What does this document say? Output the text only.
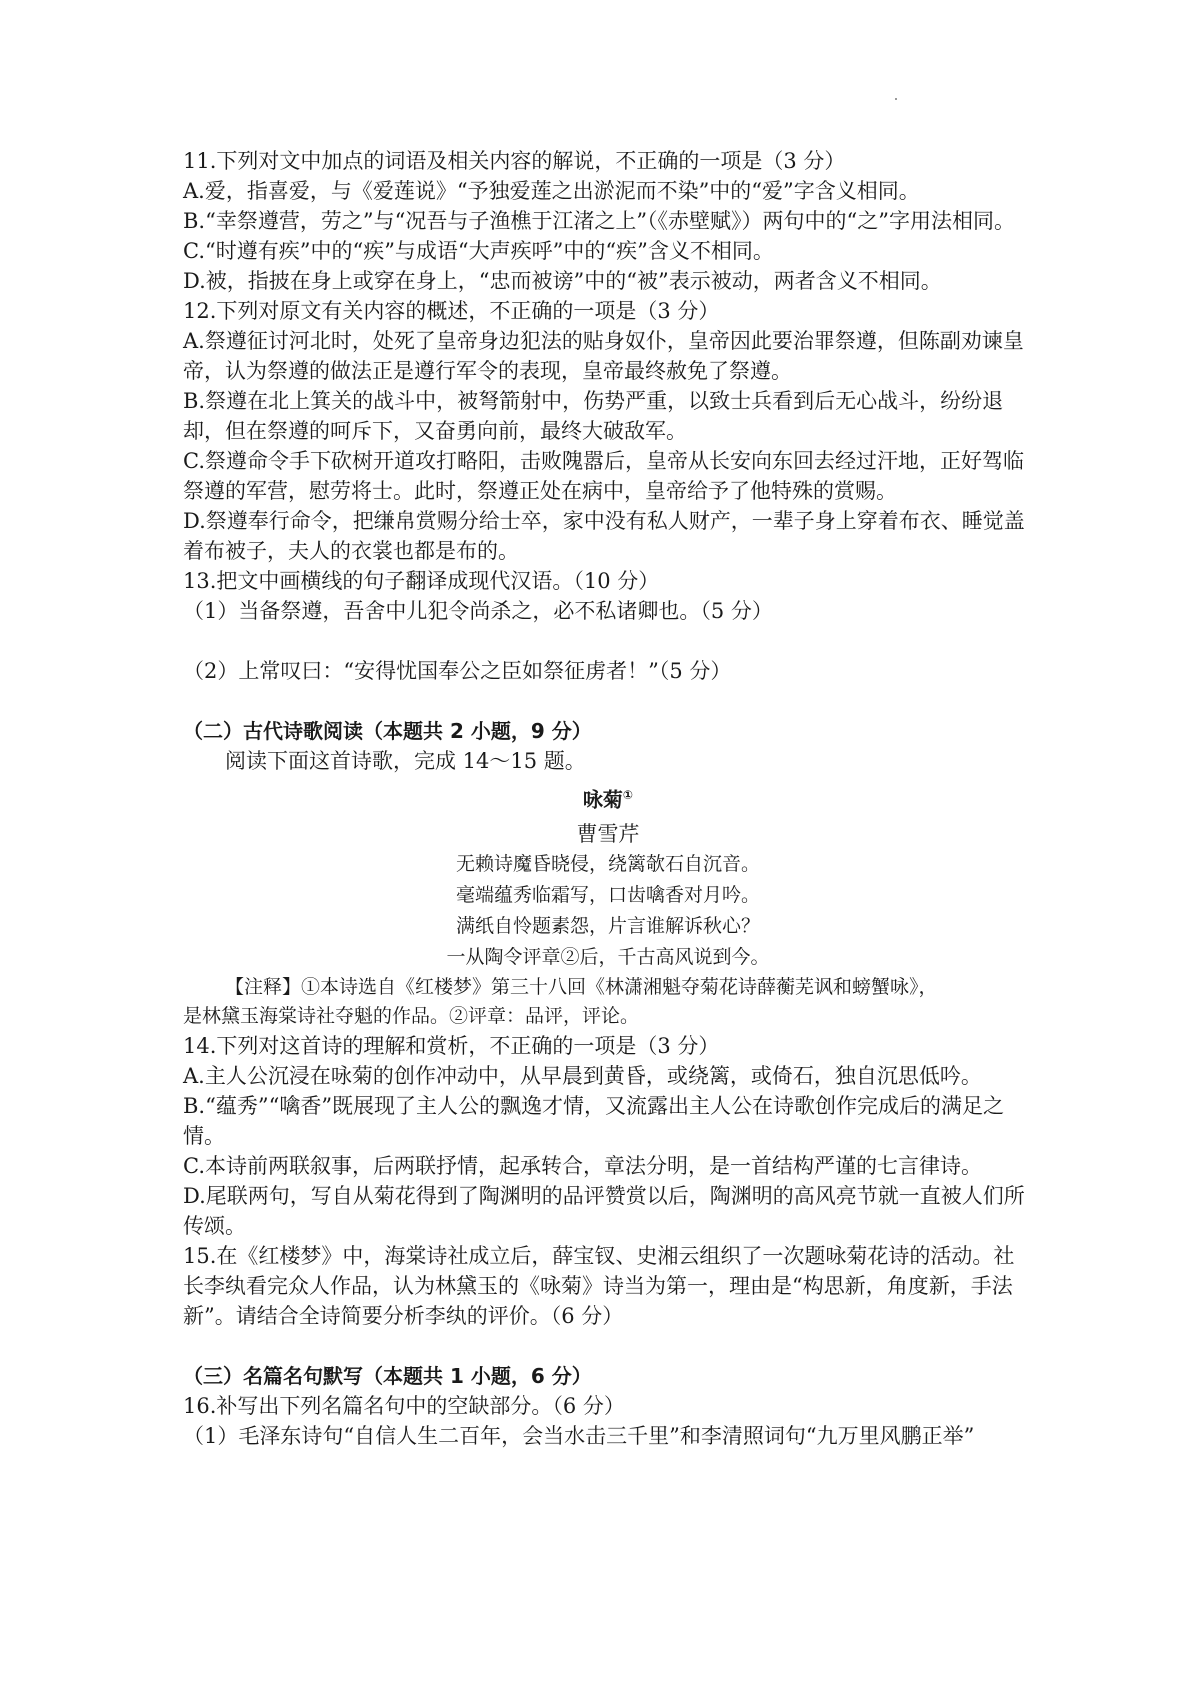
11.下列对文中加点的词语及相关内容的解说，不正确的一项是（3 分）
A.爱，指喜爱，与《爱莲说》“予独爱莲之出淤泥而不染”中的“爱”字含义相同。
B.“幸祭遵营，劳之”与“况吾与子渔樵于江渚之上”（《赤壁赋》）两句中的“之”字用法相同。
C.“时遵有疾”中的“疾”与成语“大声疾呼”中的“疾”含义不相同。
D.被，指披在身上或穿在身上，“忠而被谤”中的“被”表示被动，两者含义不相同。
12.下列对原文有关内容的概述，不正确的一项是（3 分）
A.祭遵征讨河北时，处死了皇帝身边犯法的贴身奴仆，皇帝因此要治罪祭遵，但陈副劝谏皇帝，认为祭遵的做法正是遵行军令的表现，皇帝最终赦免了祭遵。
B.祭遵在北上箕关的战斗中，被弩箭射中，伤势严重，以致士兵看到后无心战斗，纷纷退却，但在祭遵的呵斥下，又奋勇向前，最终大破敌军。
C.祭遵命令手下砍树开道攻打略阳，击败隗嚣后，皇帝从长安向东回去经过汗地，正好驾临祭遵的军营，慰劳将士。此时，祭遵正处在病中，皇帝给予了他特殊的赏赐。
D.祭遵奉行命令，把缣帛赏赐分给士卒，家中没有私人财产，一辈子身上穿着布衣、睡觉盖着布被子，夫人的衣裳也都是布的。
13.把文中画横线的句子翻译成现代汉语。（10 分）
（1）当备祭遵，吾舍中儿犯令尚杀之，必不私诸卿也。（5 分）
（2）上常叹曰：“安得忧国奉公之臣如祭征虏者！”（5 分）
（二）古代诗歌阅读（本题共 2 小题，9 分）
阅读下面这首诗歌，完成 14～15 题。
咏菊①
曹雪芹
无赖诗魔昏晓侵，绕篱欹石自沉音。
毫端蕴秀临霜写，口齿噙香对月吟。
满纸自怜题素怨，片言谁解诉秋心？
一从陶令评章②后，千古高风说到今。
【注释】①本诗选自《红楼梦》第三十八回《林潇湘魁夺菊花诗薛蘅芜讽和螃蟹咏》，
是林黛玉海棠诗社夺魁的作品。②评章：品评，评论。
14.下列对这首诗的理解和赏析，不正确的一项是（3 分）
A.主人公沉浸在咏菊的创作冲动中，从早晨到黄昏，或绕篱，或倚石，独自沉思低吟。
B.“蕴秀”“噙香”既展现了主人公的飘逸才情，又流露出主人公在诗歌创作完成后的满足之情。
C.本诗前两联叙事，后两联抒情，起承转合，章法分明，是一首结构严谨的七言律诗。
D.尾联两句，写自从菊花得到了陶渊明的品评赞赏以后，陶渊明的高风亮节就一直被人们所传颂。
15.在《红楼梦》中，海棠诗社成立后，薛宝钗、史湘云组织了一次题咏菊花诗的活动。社长李纨看完众人作品，认为林黛玉的《咏菊》诗当为第一，理由是“构思新，角度新，手法新”。请结合全诗简要分析李纨的评价。（6 分）
（三）名篇名句默写（本题共 1 小题，6 分）
16.补写出下列名篇名句中的空缺部分。（6 分）
（1）毛泽东诗句“自信人生二百年，会当水击三千里”和李清照词句“九万里风鹏正举”
